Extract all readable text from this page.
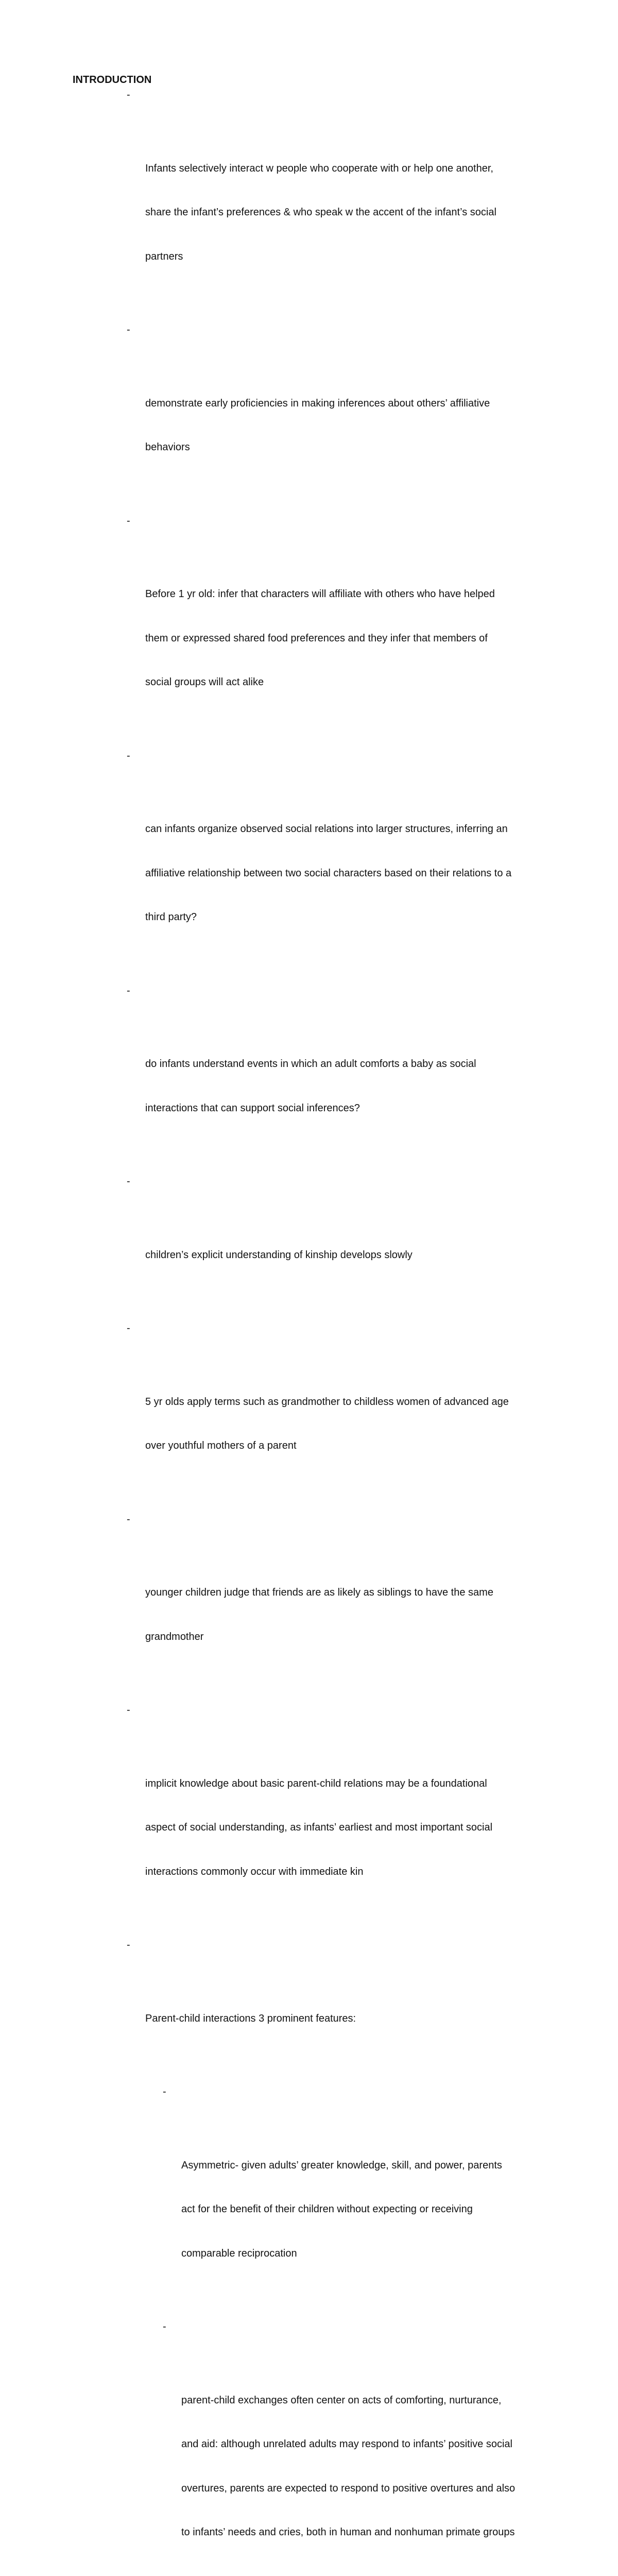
INTRODUCTION

-

Infants selectively interact w people who cooperate with or help one another,

share the infant’s preferences & who speak w the accent of the infant’s social

partners

-

demonstrate early proficiencies in making inferences about others’ affiliative

behaviors

-

Before 1 yr old: infer that characters will affiliate with others who have helped

them or expressed shared food preferences and they infer that members of

social groups will act alike

-

can infants organize observed social relations into larger structures, inferring an

affiliative relationship between two social characters based on their relations to a

third party?

-

do infants understand events in which an adult comforts a baby as social

interactions that can support social inferences?

-

children’s explicit understanding of kinship develops slowly

-

5 yr olds apply terms such as grandmother to childless women of advanced age

over youthful mothers of a parent

-

younger children judge that friends are as likely as siblings to have the same

grandmother

-

implicit knowledge about basic parent-child relations may be a foundational

aspect of social understanding, as infants’ earliest and most important social

interactions commonly occur with immediate kin

-

Parent-child interactions 3 prominent features:

-

Asymmetric- given adults’ greater knowledge, skill, and power, parents

act for the benefit of their children without expecting or receiving

comparable reciprocation

-

parent-child exchanges often center on acts of comforting, nurturance,

and aid: although unrelated adults may respond to infants’ positive social

overtures, parents are expected to respond to positive overtures and also

to infants’ needs and cries, both in human and nonhuman primate groups
